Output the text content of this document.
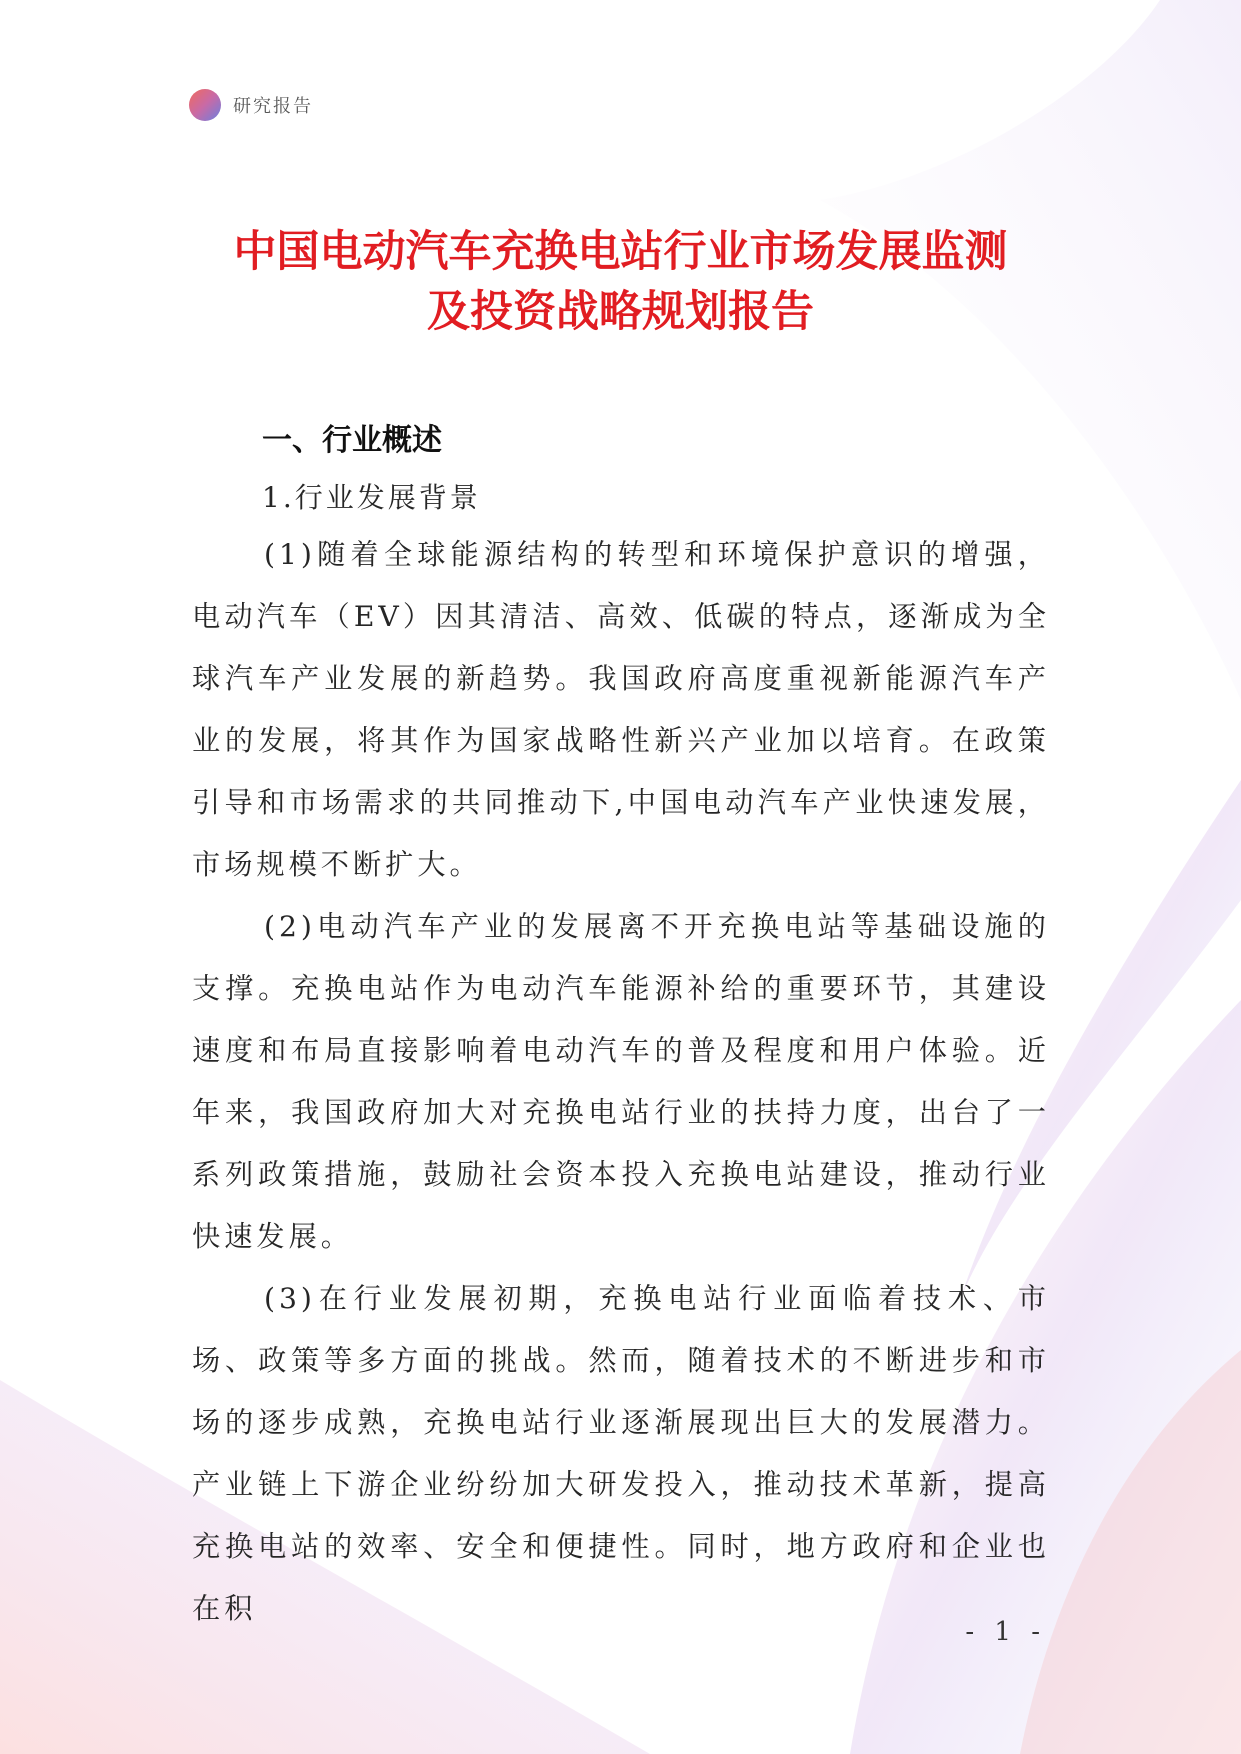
研究报告
中国电动汽车充换电站行业市场发展监测
及投资战略规划报告
一、行业概述
1.行业发展背景

(1)随着全球能源结构的转型和环境保护意识的增强，电动汽车（EV）因其清洁、高效、低碳的特点，逐渐成为全球汽车产业发展的新趋势。我国政府高度重视新能源汽车产业的发展，将其作为国家战略性新兴产业加以培育。在政策引导和市场需求的共同推动下,中国电动汽车产业快速发展，市场规模不断扩大。

(2)电动汽车产业的发展离不开充换电站等基础设施的支撑。充换电站作为电动汽车能源补给的重要环节，其建设速度和布局直接影响着电动汽车的普及程度和用户体验。近年来，我国政府加大对充换电站行业的扶持力度，出台了一系列政策措施，鼓励社会资本投入充换电站建设，推动行业快速发展。

(3)在行业发展初期，充换电站行业面临着技术、市场、政策等多方面的挑战。然而，随着技术的不断进步和市场的逐步成熟，充换电站行业逐渐展现出巨大的发展潜力。产业链上下游企业纷纷加大研发投入，推动技术革新，提高充换电站的效率、安全和便捷性。同时，地方政府和企业也在积

- 1 -
